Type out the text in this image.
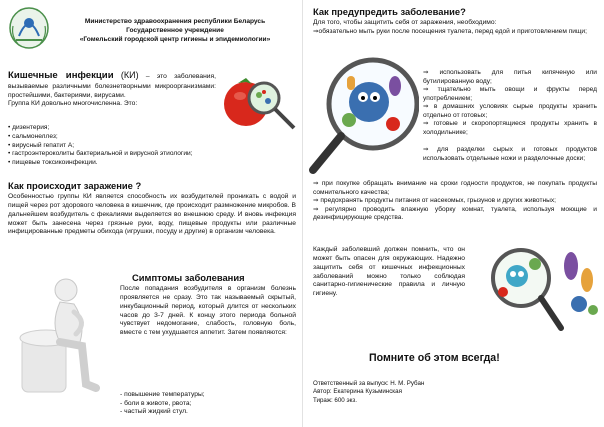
Министерство здравоохранения республики Беларусь
Государственное учреждение
«Гомельский городской центр гигиены и эпидемиологии»
Кишечные инфекции (КИ) – это заболевания, вызываемые различными болезнетворными микроорганизмами: простейшими, бактериями, вирусами.
Группа КИ довольно многочисленна. Это:
• дизентерия;
• сальмонеллез;
• вирусный гепатит А;
• гастроэнтероколиты бактериальной и вирусной этиологии;
• пищевые токсикоинфекции.
Как происходит заражение ?
Особенностью группы КИ является способность их возбудителей проникать с водой и пищей через рот здорового человека в кишечник, где происходит размножение микробов. В дальнейшем возбудитель с фекалиями выделяется во внешнюю среду. И вновь инфекция может быть занесена через грязные руки, воду, пищевые продукты или различные инфицированные предметы обихода (игрушки, посуду и другие) в организм человека.
Симптомы заболевания
После попадания возбудителя в организм болезнь проявляется не сразу. Это так называемый скрытый, инкубационный период, который длится от нескольких часов до 3-7 дней. К концу этого периода больной чувствует недомогание, слабость, головную боль, вместе с тем ухудшается аппетит. Затем появляются:
- повышение температуры;
- боли в животе, рвота;
- частый жидкий стул.
Как предупредить заболевание?
Для того, чтобы защитить себя от заражения, необходимо:
⇒обязательно мыть руки после посещения туалета, перед едой и приготовлением пищи;
⇒ использовать для питья кипяченую или бутилированную воду;
⇒ тщательно мыть овощи и фрукты перед употреблением;
⇒ в домашних условиях сырые продукты хранить отдельно от готовых;
⇒ готовые и скоропортящиеся продукты хранить в холодильнике;
⇒ для разделки сырых и готовых продуктов использовать отдельные ножи и разделочные доски;
⇒ при покупке обращать внимание на сроки годности продуктов, не покупать продукты сомнительного качества;
⇒ предохранять продукты питания от насекомых, грызунов и других животных;
⇒ регулярно проводить влажную уборку комнат, туалета, используя моющие и дезинфицирующие средства.
Каждый заболевший должен помнить, что он может быть опасен для окружающих. Надежно защитить себя от кишечных инфекционных заболеваний можно только соблюдая санитарно-гигиенические правила и личную гигиену.
Помните об этом всегда!
Ответственный за выпуск: Н. М. Рубан
Автор: Екатерина Кузьминская
Тираж: 600 экз.
